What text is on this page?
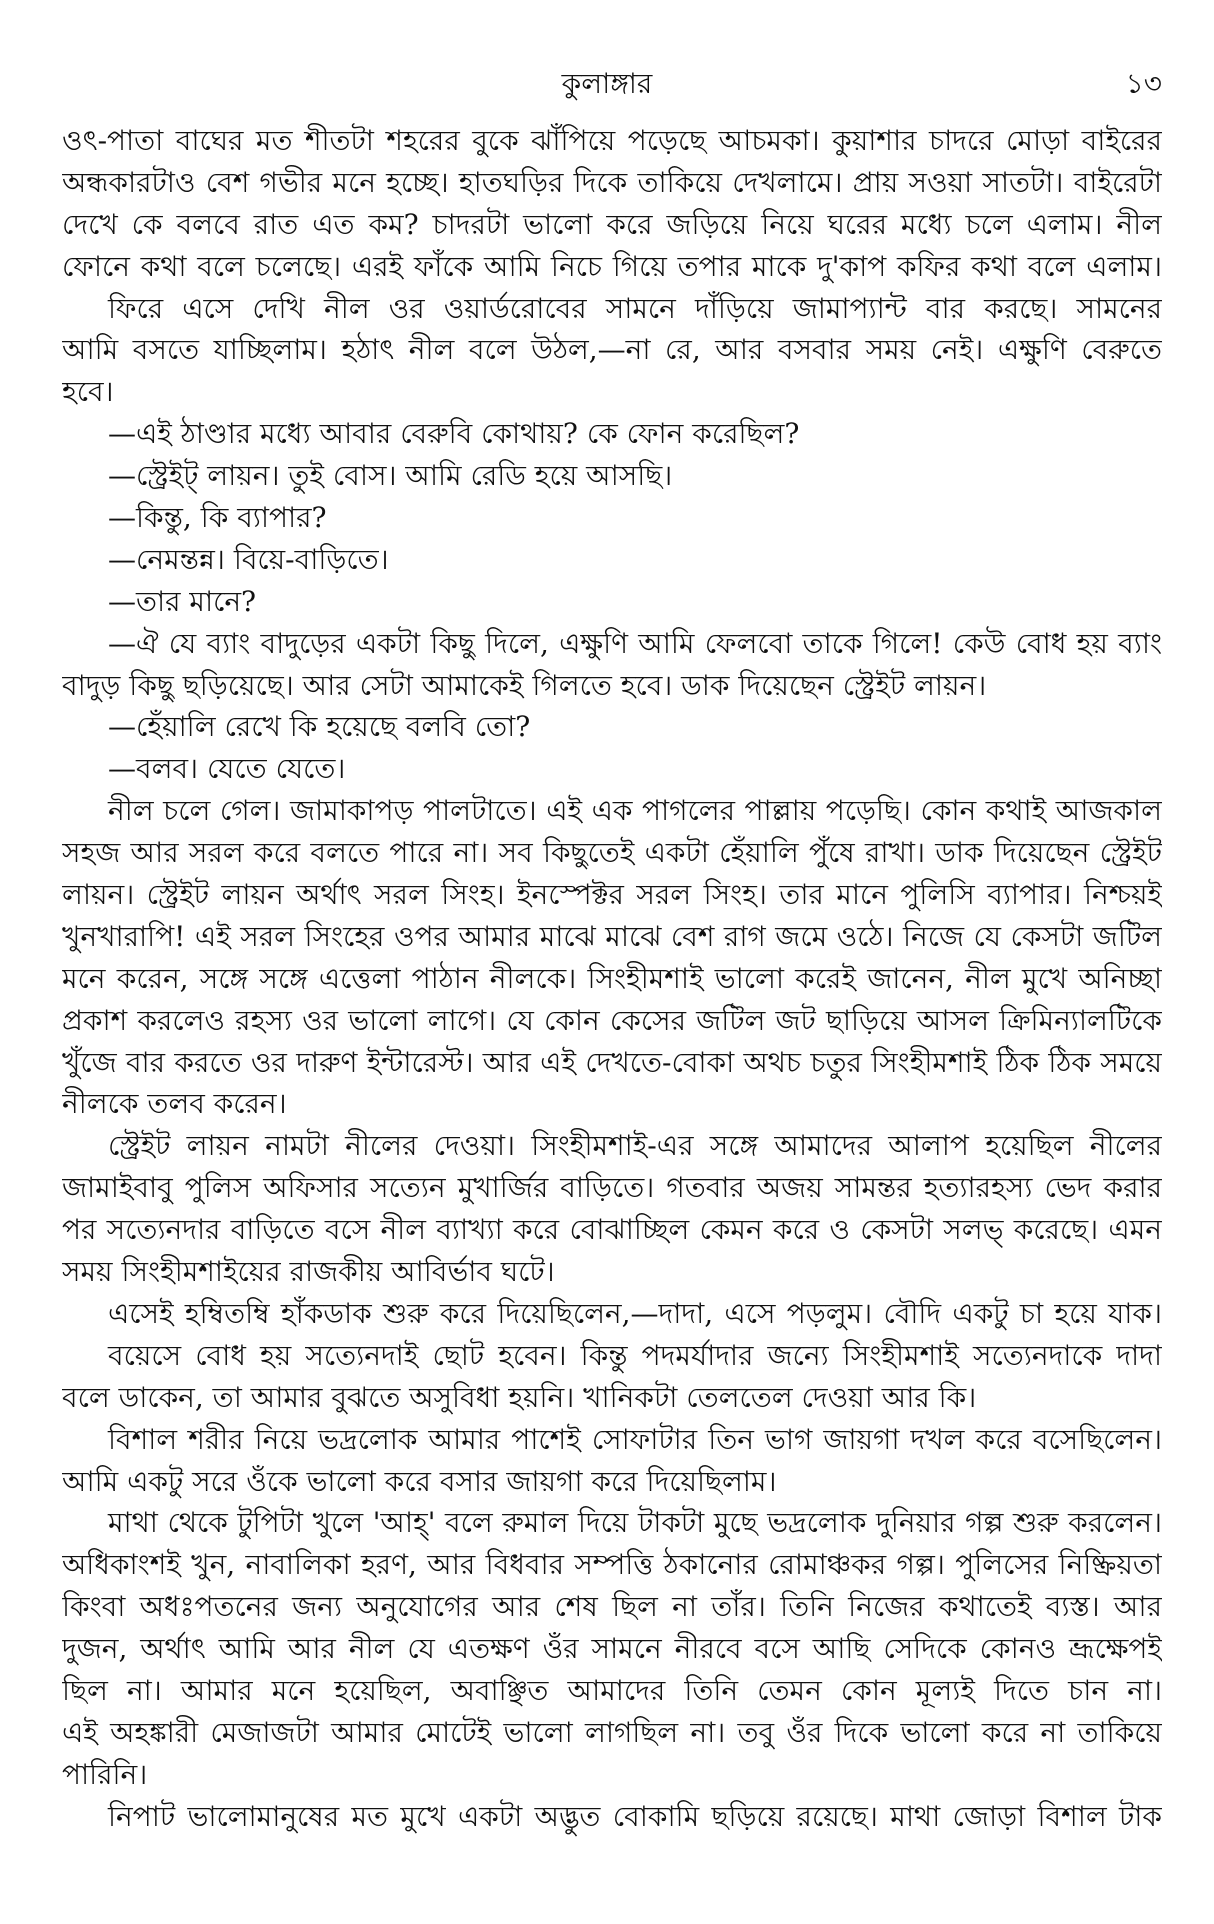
কুলাঙ্গার	১৩
ওৎ-পাতা বাঘের মত শীতটা শহরের বুকে ঝাঁপিয়ে পড়েছে আচমকা। কুয়াশার চাদরে মোড়া বাইরের
অন্ধকারটাও বেশ গভীর মনে হচ্ছে। হাতঘড়ির দিকে তাকিয়ে দেখলামে। প্রায় সওয়া সাতটা। বাইরেটা
দেখে কে বলবে রাত এত কম? চাদরটা ভালো করে জড়িয়ে নিয়ে ঘরের মধ্যে চলে এলাম। নীল
ফোনে কথা বলে চলেছে। এরই ফাঁকে আমি নিচে গিয়ে তপার মাকে দু'কাপ কফির কথা বলে এলাম।
ফিরে এসে দেখি নীল ওর ওয়ার্ডরোবের সামনে দাঁড়িয়ে জামাপ্যান্ট বার করছে। সামনের
আমি বসতে যাচ্ছিলাম। হঠাৎ নীল বলে উঠল,—না রে, আর বসবার সময় নেই। এক্ষুণি বেরুতে
হবে।
—এই ঠাণ্ডার মধ্যে আবার বেরুবি কোথায়? কে ফোন করেছিল?
—স্ট্রেইট্ লায়ন। তুই বোস। আমি রেডি হয়ে আসছি।
—কিন্তু, কি ব্যাপার?
—নেমন্তন্ন। বিয়ে-বাড়িতে।
—তার মানে?
—ঐ যে ব্যাং বাদুড়ের একটা কিছু দিলে, এক্ষুণি আমি ফেলবো তাকে গিলে! কেউ বোধ হয় ব্যাং
বাদুড় কিছু ছড়িয়েছে। আর সেটা আমাকেই গিলতে হবে। ডাক দিয়েছেন স্ট্রেইট লায়ন।
—হেঁয়ালি রেখে কি হয়েছে বলবি তো?
—বলব। যেতে যেতে।
নীল চলে গেল। জামাকাপড় পালটাতে। এই এক পাগলের পাল্লায় পড়েছি। কোন কথাই আজকাল
সহজ আর সরল করে বলতে পারে না। সব কিছুতেই একটা হেঁয়ালি পুঁষে রাখা। ডাক দিয়েছেন স্ট্রেইট
লায়ন। স্ট্রেইট লায়ন অর্থাৎ সরল সিংহ। ইনস্পেক্টর সরল সিংহ। তার মানে পুলিসি ব্যাপার। নিশ্চয়ই
খুনখারাপি! এই সরল সিংহের ওপর আমার মাঝে মাঝে বেশ রাগ জমে ওঠে। নিজে যে কেসটা জটিল
মনে করেন, সঙ্গে সঙ্গে এত্তেলা পাঠান নীলকে। সিংহীমশাই ভালো করেই জানেন, নীল মুখে অনিচ্ছা
প্রকাশ করলেও রহস্য ওর ভালো লাগে। যে কোন কেসের জটিল জট ছাড়িয়ে আসল ক্রিমিন্যালটিকে
খুঁজে বার করতে ওর দারুণ ইন্টারেস্ট। আর এই দেখতে-বোকা অথচ চতুর সিংহীমশাই ঠিক ঠিক সময়ে
নীলকে তলব করেন।
স্ট্রেইট লায়ন নামটা নীলের দেওয়া। সিংহীমশাই-এর সঙ্গে আমাদের আলাপ হয়েছিল নীলের
জামাইবাবু পুলিস অফিসার সত্যেন মুখার্জির বাড়িতে। গতবার অজয় সামন্তর হত্যারহস্য ভেদ করার
পর সত্যেনদার বাড়িতে বসে নীল ব্যাখ্যা করে বোঝাচ্ছিল কেমন করে ও কেসটা সলভ্ করেছে। এমন
সময় সিংহীমশাইয়ের রাজকীয় আবির্ভাব ঘটে।
এসেই হম্বিতম্বি হাঁকডাক শুরু করে দিয়েছিলেন,—দাদা, এসে পড়লুম। বৌদি একটু চা হয়ে যাক।
বয়েসে বোধ হয় সত্যেনদাই ছোট হবেন। কিন্তু পদমর্যাদার জন্যে সিংহীমশাই সত্যেনদাকে দাদা
বলে ডাকেন, তা আমার বুঝতে অসুবিধা হয়নি। খানিকটা তেলতেল দেওয়া আর কি।
বিশাল শরীর নিয়ে ভদ্রলোক আমার পাশেই সোফাটার তিন ভাগ জায়গা দখল করে বসেছিলেন।
আমি একটু সরে ওঁকে ভালো করে বসার জায়গা করে দিয়েছিলাম।
মাথা থেকে টুপিটা খুলে 'আহ্' বলে রুমাল দিয়ে টাকটা মুছে ভদ্রলোক দুনিয়ার গল্প শুরু করলেন।
অধিকাংশই খুন, নাবালিকা হরণ, আর বিধবার সম্পত্তি ঠকানোর রোমাঞ্চকর গল্প। পুলিসের নিষ্ক্রিয়তা
কিংবা অধঃপতনের জন্য অনুযোগের আর শেষ ছিল না তাঁর। তিনি নিজের কথাতেই ব্যস্ত। আর
দুজন, অর্থাৎ আমি আর নীল যে এতক্ষণ ওঁর সামনে নীরবে বসে আছি সেদিকে কোনও ভ্রূক্ষেপই
ছিল না। আমার মনে হয়েছিল, অবাঞ্ছিত আমাদের তিনি তেমন কোন মূল্যই দিতে চান না।
এই অহঙ্কারী মেজাজটা আমার মোটেই ভালো লাগছিল না। তবু ওঁর দিকে ভালো করে না তাকিয়ে
পারিনি।
নিপাট ভালোমানুষের মত মুখে একটা অদ্ভুত বোকামি ছড়িয়ে রয়েছে। মাথা জোড়া বিশাল টাক
